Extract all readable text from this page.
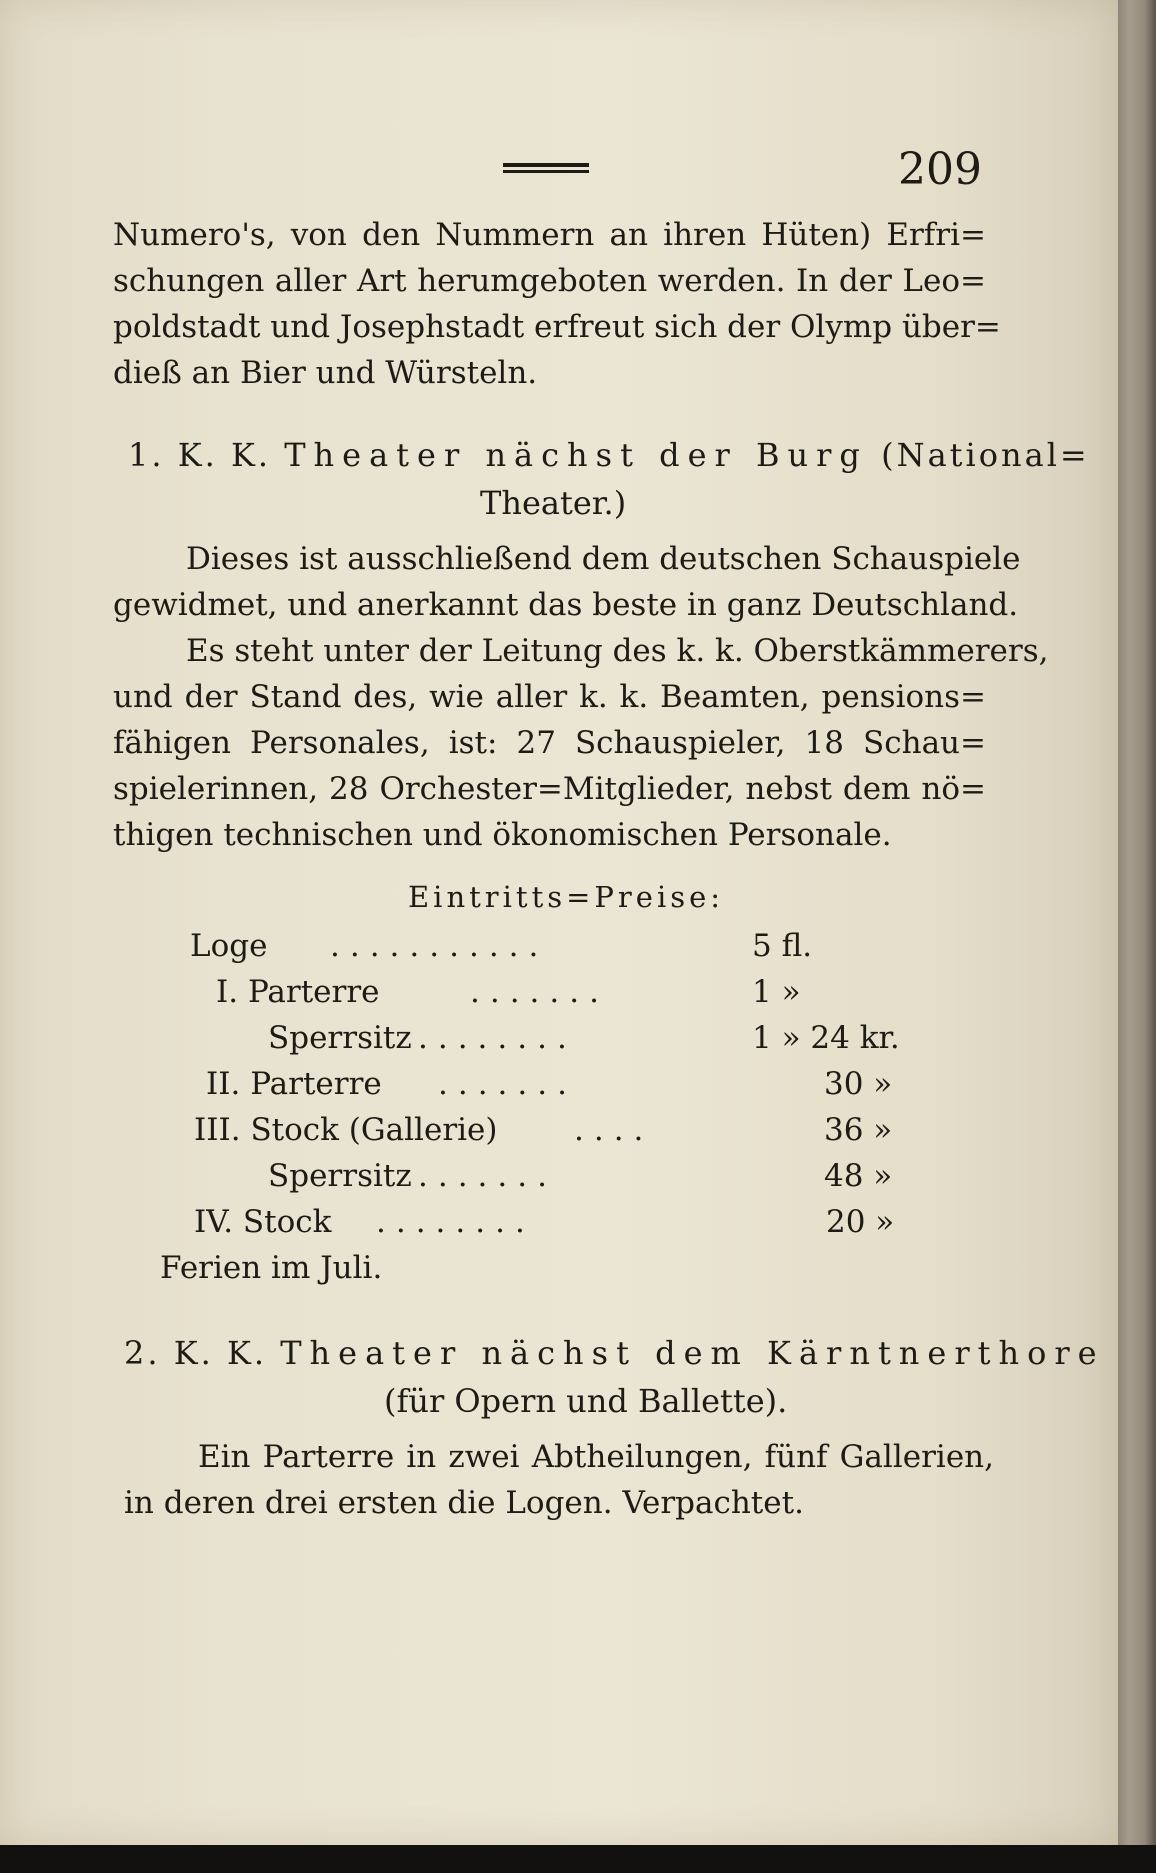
209
Numero's, von den Nummern an ihren Hüten) Erfri=
schungen aller Art herumgeboten werden. In der Leo=
poldstadt und Josephstadt erfreut sich der Olymp über=
dieß an Bier und Würsteln.
1. K. K. Theater nächst der Burg (National=
Theater.)
Dieses ist ausschließend dem deutschen Schauspiele
gewidmet, und anerkannt das beste in ganz Deutschland.
Es steht unter der Leitung des k. k. Oberstkämmerers,
und der Stand des, wie aller k. k. Beamten, pensions=
fähigen Personales, ist: 27 Schauspieler, 18 Schau=
spielerinnen, 28 Orchester=Mitglieder, nebst dem nö=
thigen technischen und ökonomischen Personale.
Eintritts=Preise:
Loge ...........	5 fl.
I. Parterre	.......	1 »
Sperrsitz ........	1 » 24 kr.
II. Parterre .......	30 »
III. Stock (Gallerie) ....	36 »
Sperrsitz .......	48 »
IV. Stock ........	20 »
Ferien im Juli.
2. K. K. Theater nächst dem Kärntnerthore
(für Opern und Ballette).
Ein Parterre in zwei Abtheilungen, fünf Gallerien,
in deren drei ersten die Logen. Verpachtet.
